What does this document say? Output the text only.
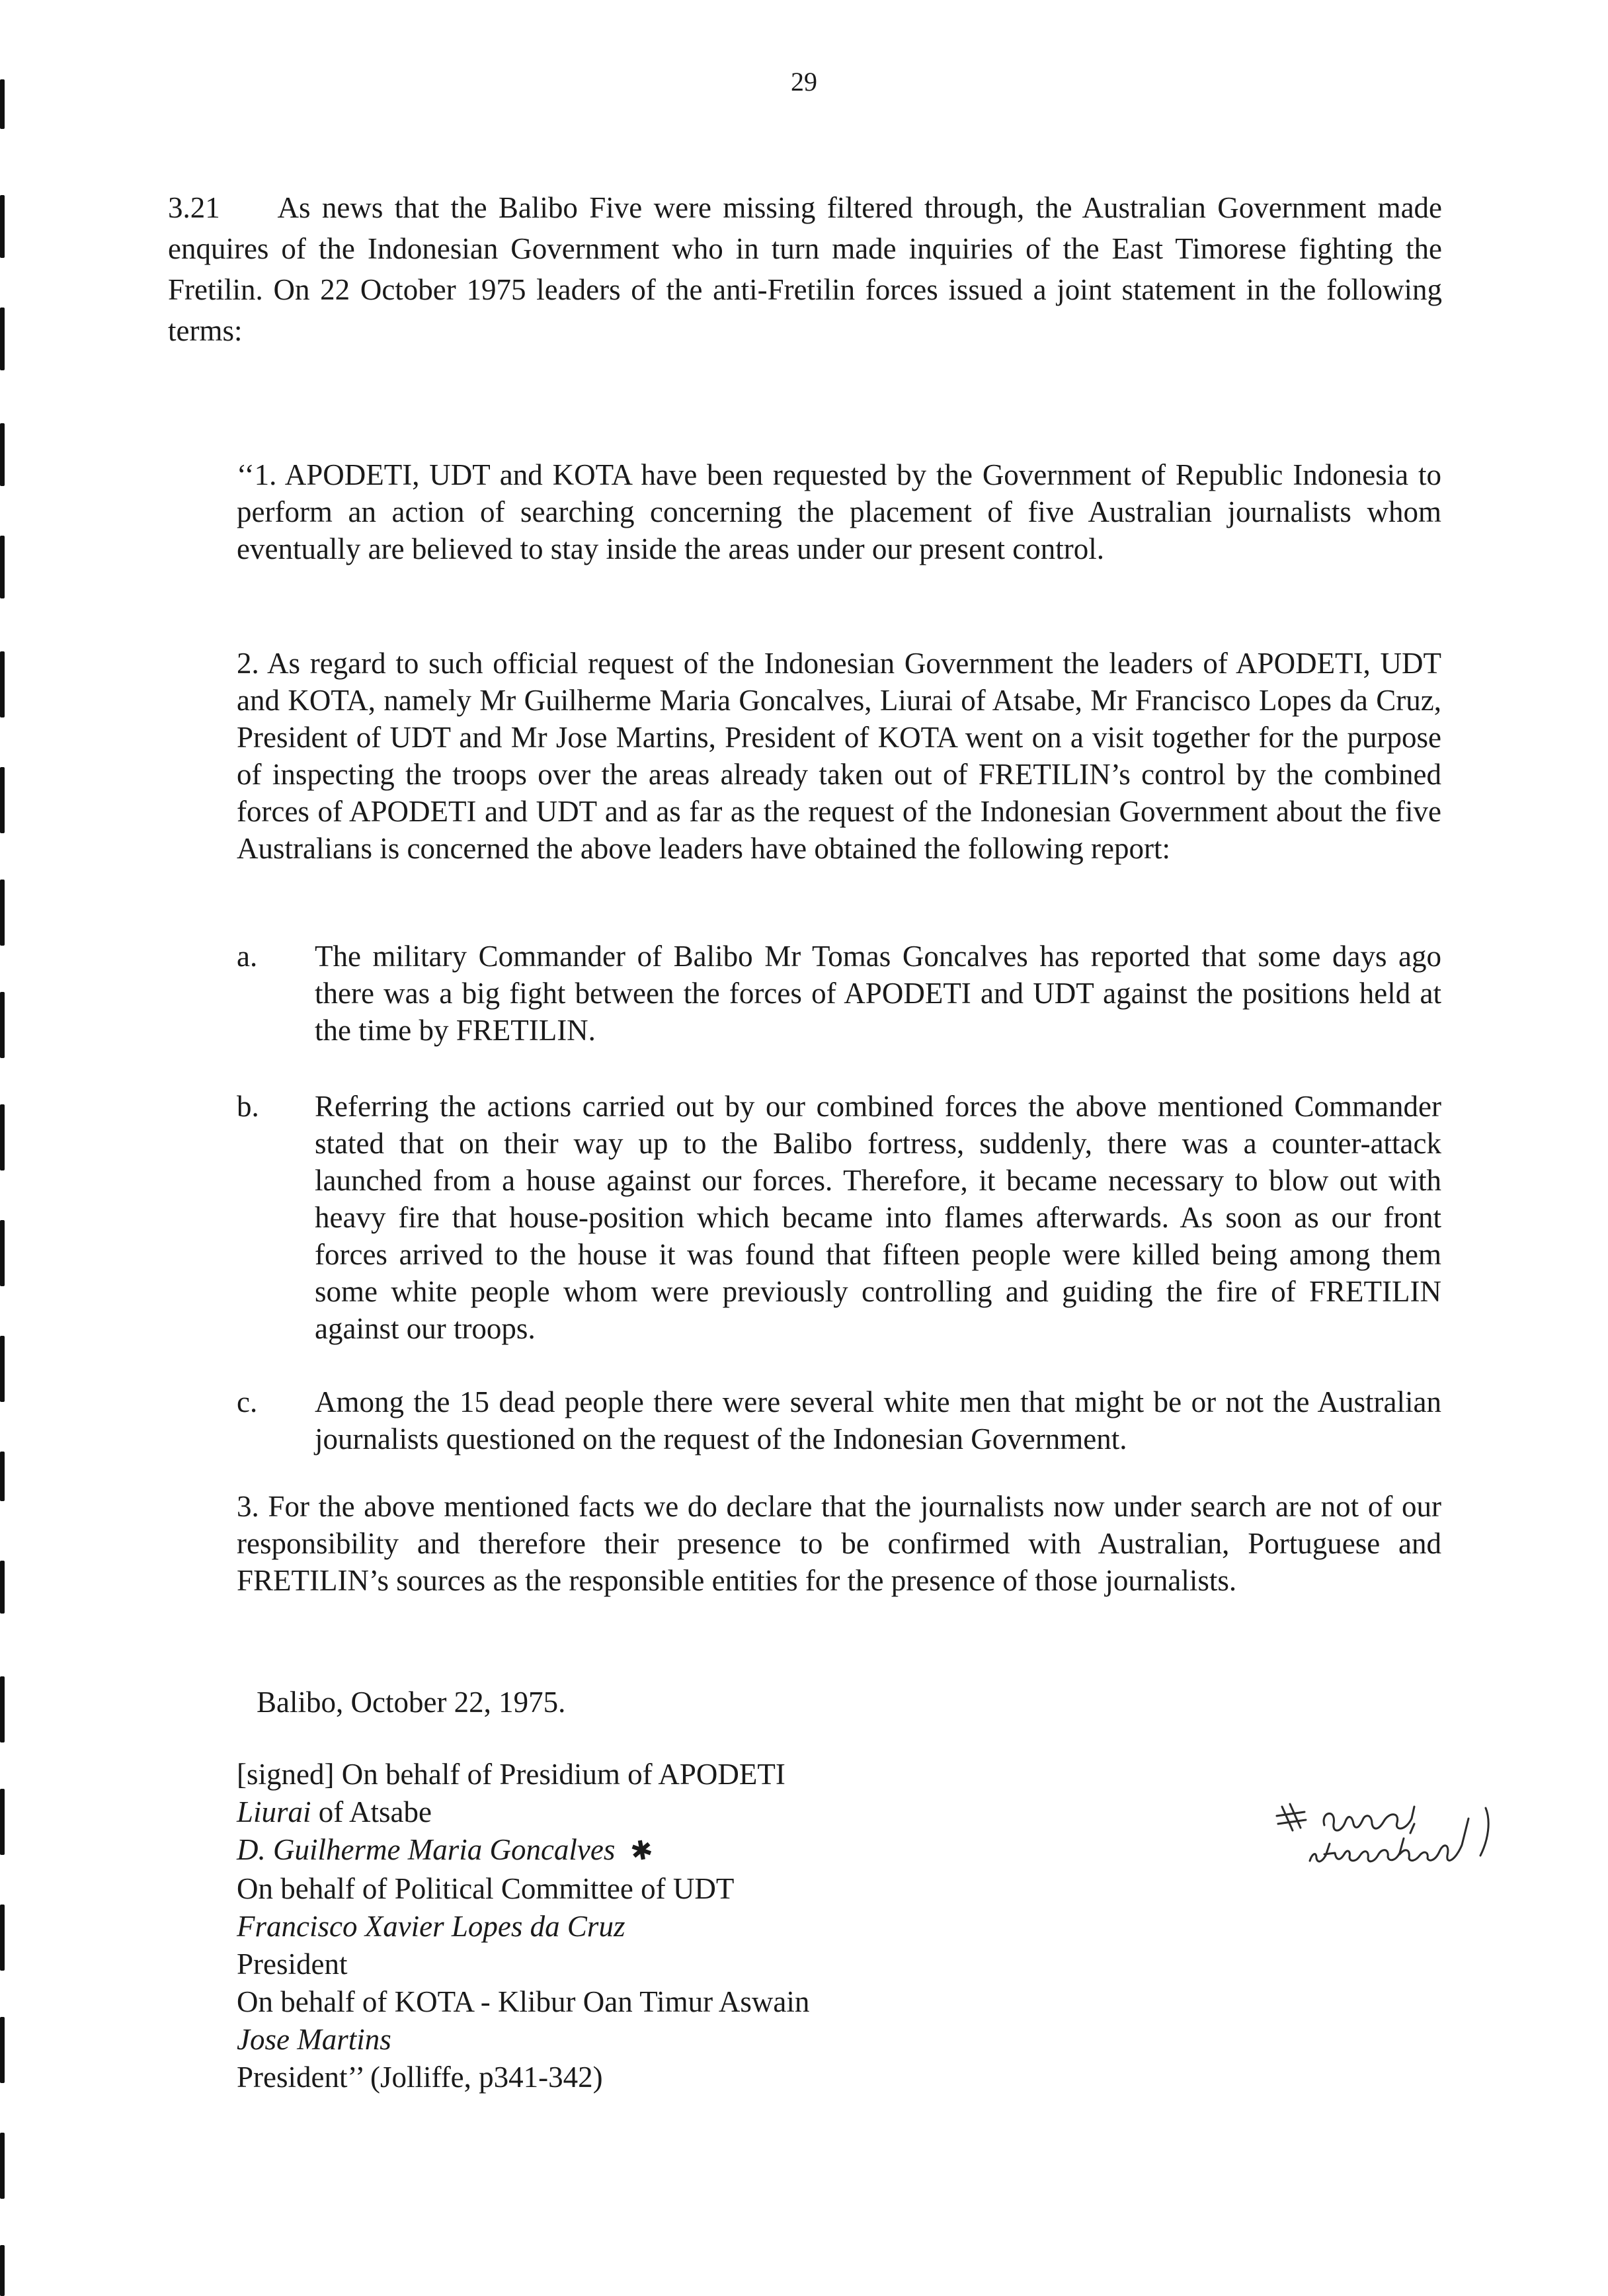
29

3.21 As news that the Balibo Five were missing filtered through, the Australian Government made enquires of the Indonesian Government who in turn made inquiries of the East Timorese fighting the Fretilin. On 22 October 1975 leaders of the anti-Fretilin forces issued a joint statement in the following terms:

‘‘1. APODETI, UDT and KOTA have been requested by the Government of Republic Indonesia to perform an action of searching concerning the placement of five Australian journalists whom eventually are believed to stay inside the areas under our present control.
2. As regard to such official request of the Indonesian Government the leaders of APODETI, UDT and KOTA, namely Mr Guilherme Maria Goncalves, Liurai of Atsabe, Mr Francisco Lopes da Cruz, President of UDT and Mr Jose Martins, President of KOTA went on a visit together for the purpose of inspecting the troops over the areas already taken out of FRETILIN’s control by the combined forces of APODETI and UDT and as far as the request of the Indonesian Government about the five Australians is concerned the above leaders have obtained the following report:
a. The military Commander of Balibo Mr Tomas Goncalves has reported that some days ago there was a big fight between the forces of APODETI and UDT against the positions held at the time by FRETILIN.
b. Referring the actions carried out by our combined forces the above mentioned Commander stated that on their way up to the Balibo fortress, suddenly, there was a counter-attack launched from a house against our forces. Therefore, it became necessary to blow out with heavy fire that house-position which became into flames afterwards. As soon as our front forces arrived to the house it was found that fifteen people were killed being among them some white people whom were previously controlling and guiding the fire of FRETILIN against our troops.
c. Among the 15 dead people there were several white men that might be or not the Australian journalists questioned on the request of the Indonesian Government.
3. For the above mentioned facts we do declare that the journalists now under search are not of our responsibility and therefore their presence to be confirmed with Australian, Portuguese and FRETILIN’s sources as the responsible entities for the presence of those journalists.
Balibo, October 22, 1975.
[signed] On behalf of Presidium of APODETI
Liurai of Atsabe
D. Guilherme Maria Goncalves ✱
On behalf of Political Committee of UDT
Francisco Xavier Lopes da Cruz
President
On behalf of KOTA - Klibur Oan Timur Aswain
Jose Martins
President’’ (Jolliffe, p341-342)
